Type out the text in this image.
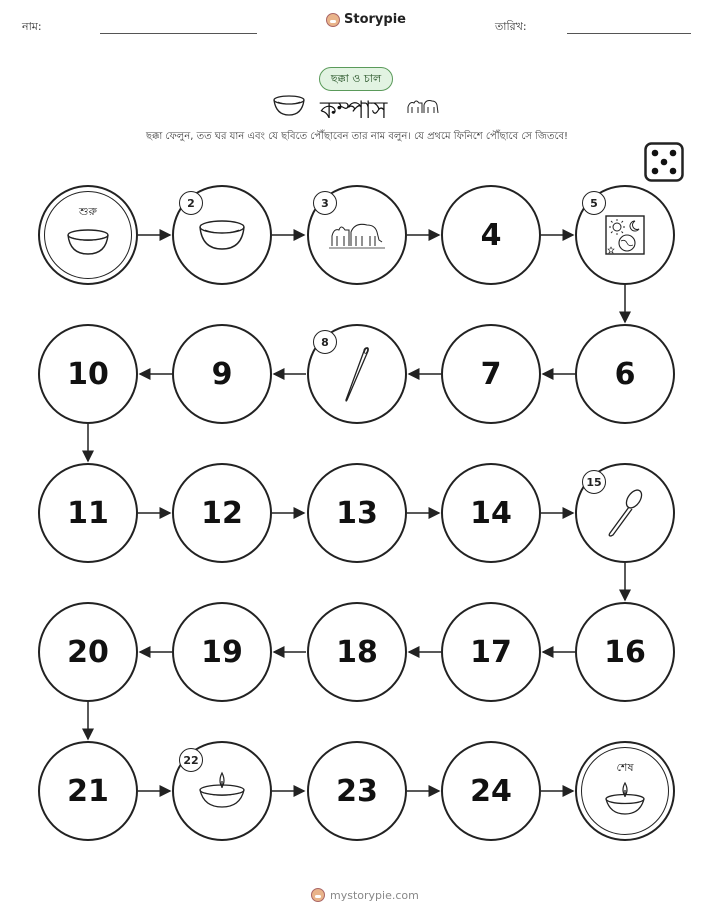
নাম:	Storypie	তারিখ:
ছক্কা ও চাল
কম্পাস
ছক্কা ফেলুন, তত ঘর যান এবং যে ছবিতে পৌঁছাবেন তার নাম বলুন। যে প্রথমে ফিনিশে পৌঁছাবে সে জিতবে!
শুরু
2	3
4
5
10	9
8
7	6
11	12	13	14
15
20	19	18	17	16
21
22
23	24
শেষ
mystorypie.com
